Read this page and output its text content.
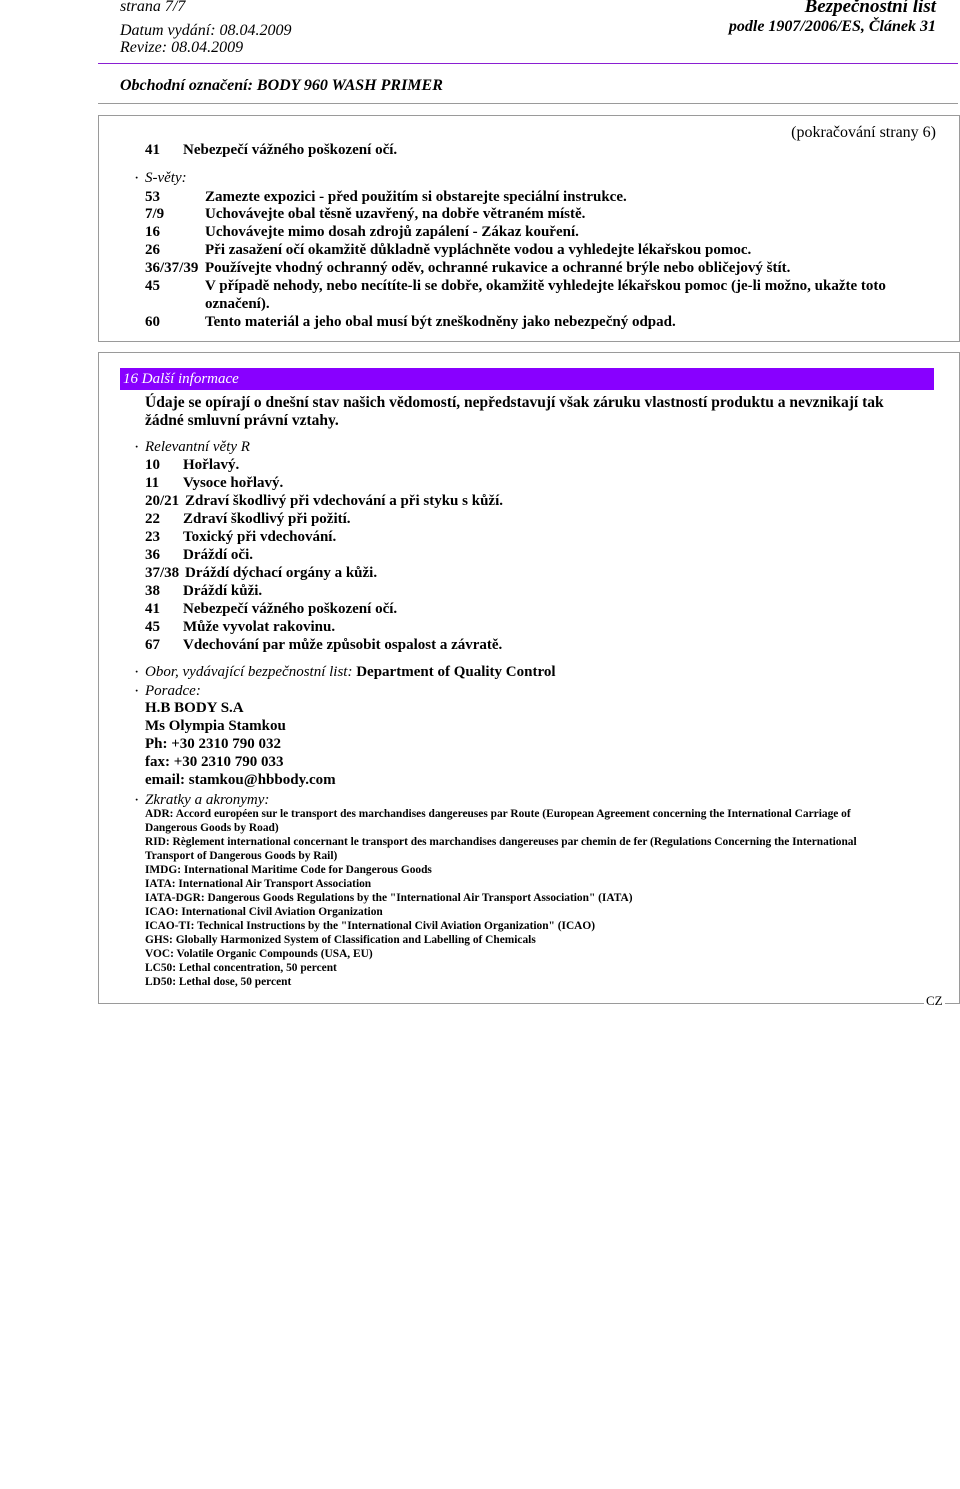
strana 7/7
Datum vydání: 08.04.2009
Revize: 08.04.2009
Bezpečnostní list
podle 1907/2006/ES, Článek 31
Obchodní označení: BODY 960 WASH PRIMER
(pokračování strany 6)
41 Nebezpečí vážného poškození očí.
· S-věty:
53	Zamezte expozici - před použitím si obstarejte speciální instrukce.
7/9	Uchovávejte obal těsně uzavřený, na dobře větraném místě.
16	Uchovávejte mimo dosah zdrojů zapálení - Zákaz kouření.
26	Při zasažení očí okamžitě důkladně vypláchněte vodou a vyhledejte lékařskou pomoc.
36/37/39 Používejte vhodný ochranný oděv, ochranné rukavice a ochranné brýle nebo obličejový štít.
45	V případě nehody, nebo necítíte-li se dobře, okamžitě vyhledejte lékařskou pomoc (je-li možno, ukažte toto
označení).
60	Tento materiál a jeho obal musí být zneškodněny jako nebezpečný odpad.
16 Další informace
Údaje se opírají o dnešní stav našich vědomostí, nepředstavují však záruku vlastností produktu a nevznikají tak
žádné smluvní právní vztahy.
· Relevantní věty R
10 Hořlavý.
11 Vysoce hořlavý.
20/21 Zdraví škodlivý při vdechování a při styku s kůží.
22 Zdraví škodlivý při požití.
23 Toxický při vdechování.
36 Dráždí oči.
37/38 Dráždí dýchací orgány a kůži.
38 Dráždí kůži.
41 Nebezpečí vážného poškození očí.
45 Může vyvolat rakovinu.
67 Vdechování par může způsobit ospalost a závratě.
· Obor, vydávající bezpečnostní list: Department of Quality Control
· Poradce:
H.B BODY S.A
Ms Olympia Stamkou
Ph: +30 2310 790 032
fax: +30 2310 790 033
email: stamkou@hbbody.com
· Zkratky a akronymy:
ADR: Accord européen sur le transport des marchandises dangereuses par Route (European Agreement concerning the International Carriage of
Dangerous Goods by Road)
RID: Règlement international concernant le transport des marchandises dangereuses par chemin de fer (Regulations Concerning the International
Transport of Dangerous Goods by Rail)
IMDG: International Maritime Code for Dangerous Goods
IATA: International Air Transport Association
IATA-DGR: Dangerous Goods Regulations by the "International Air Transport Association" (IATA)
ICAO: International Civil Aviation Organization
ICAO-TI: Technical Instructions by the "International Civil Aviation Organization" (ICAO)
GHS: Globally Harmonized System of Classification and Labelling of Chemicals
VOC: Volatile Organic Compounds (USA, EU)
LC50: Lethal concentration, 50 percent
LD50: Lethal dose, 50 percent
CZ
